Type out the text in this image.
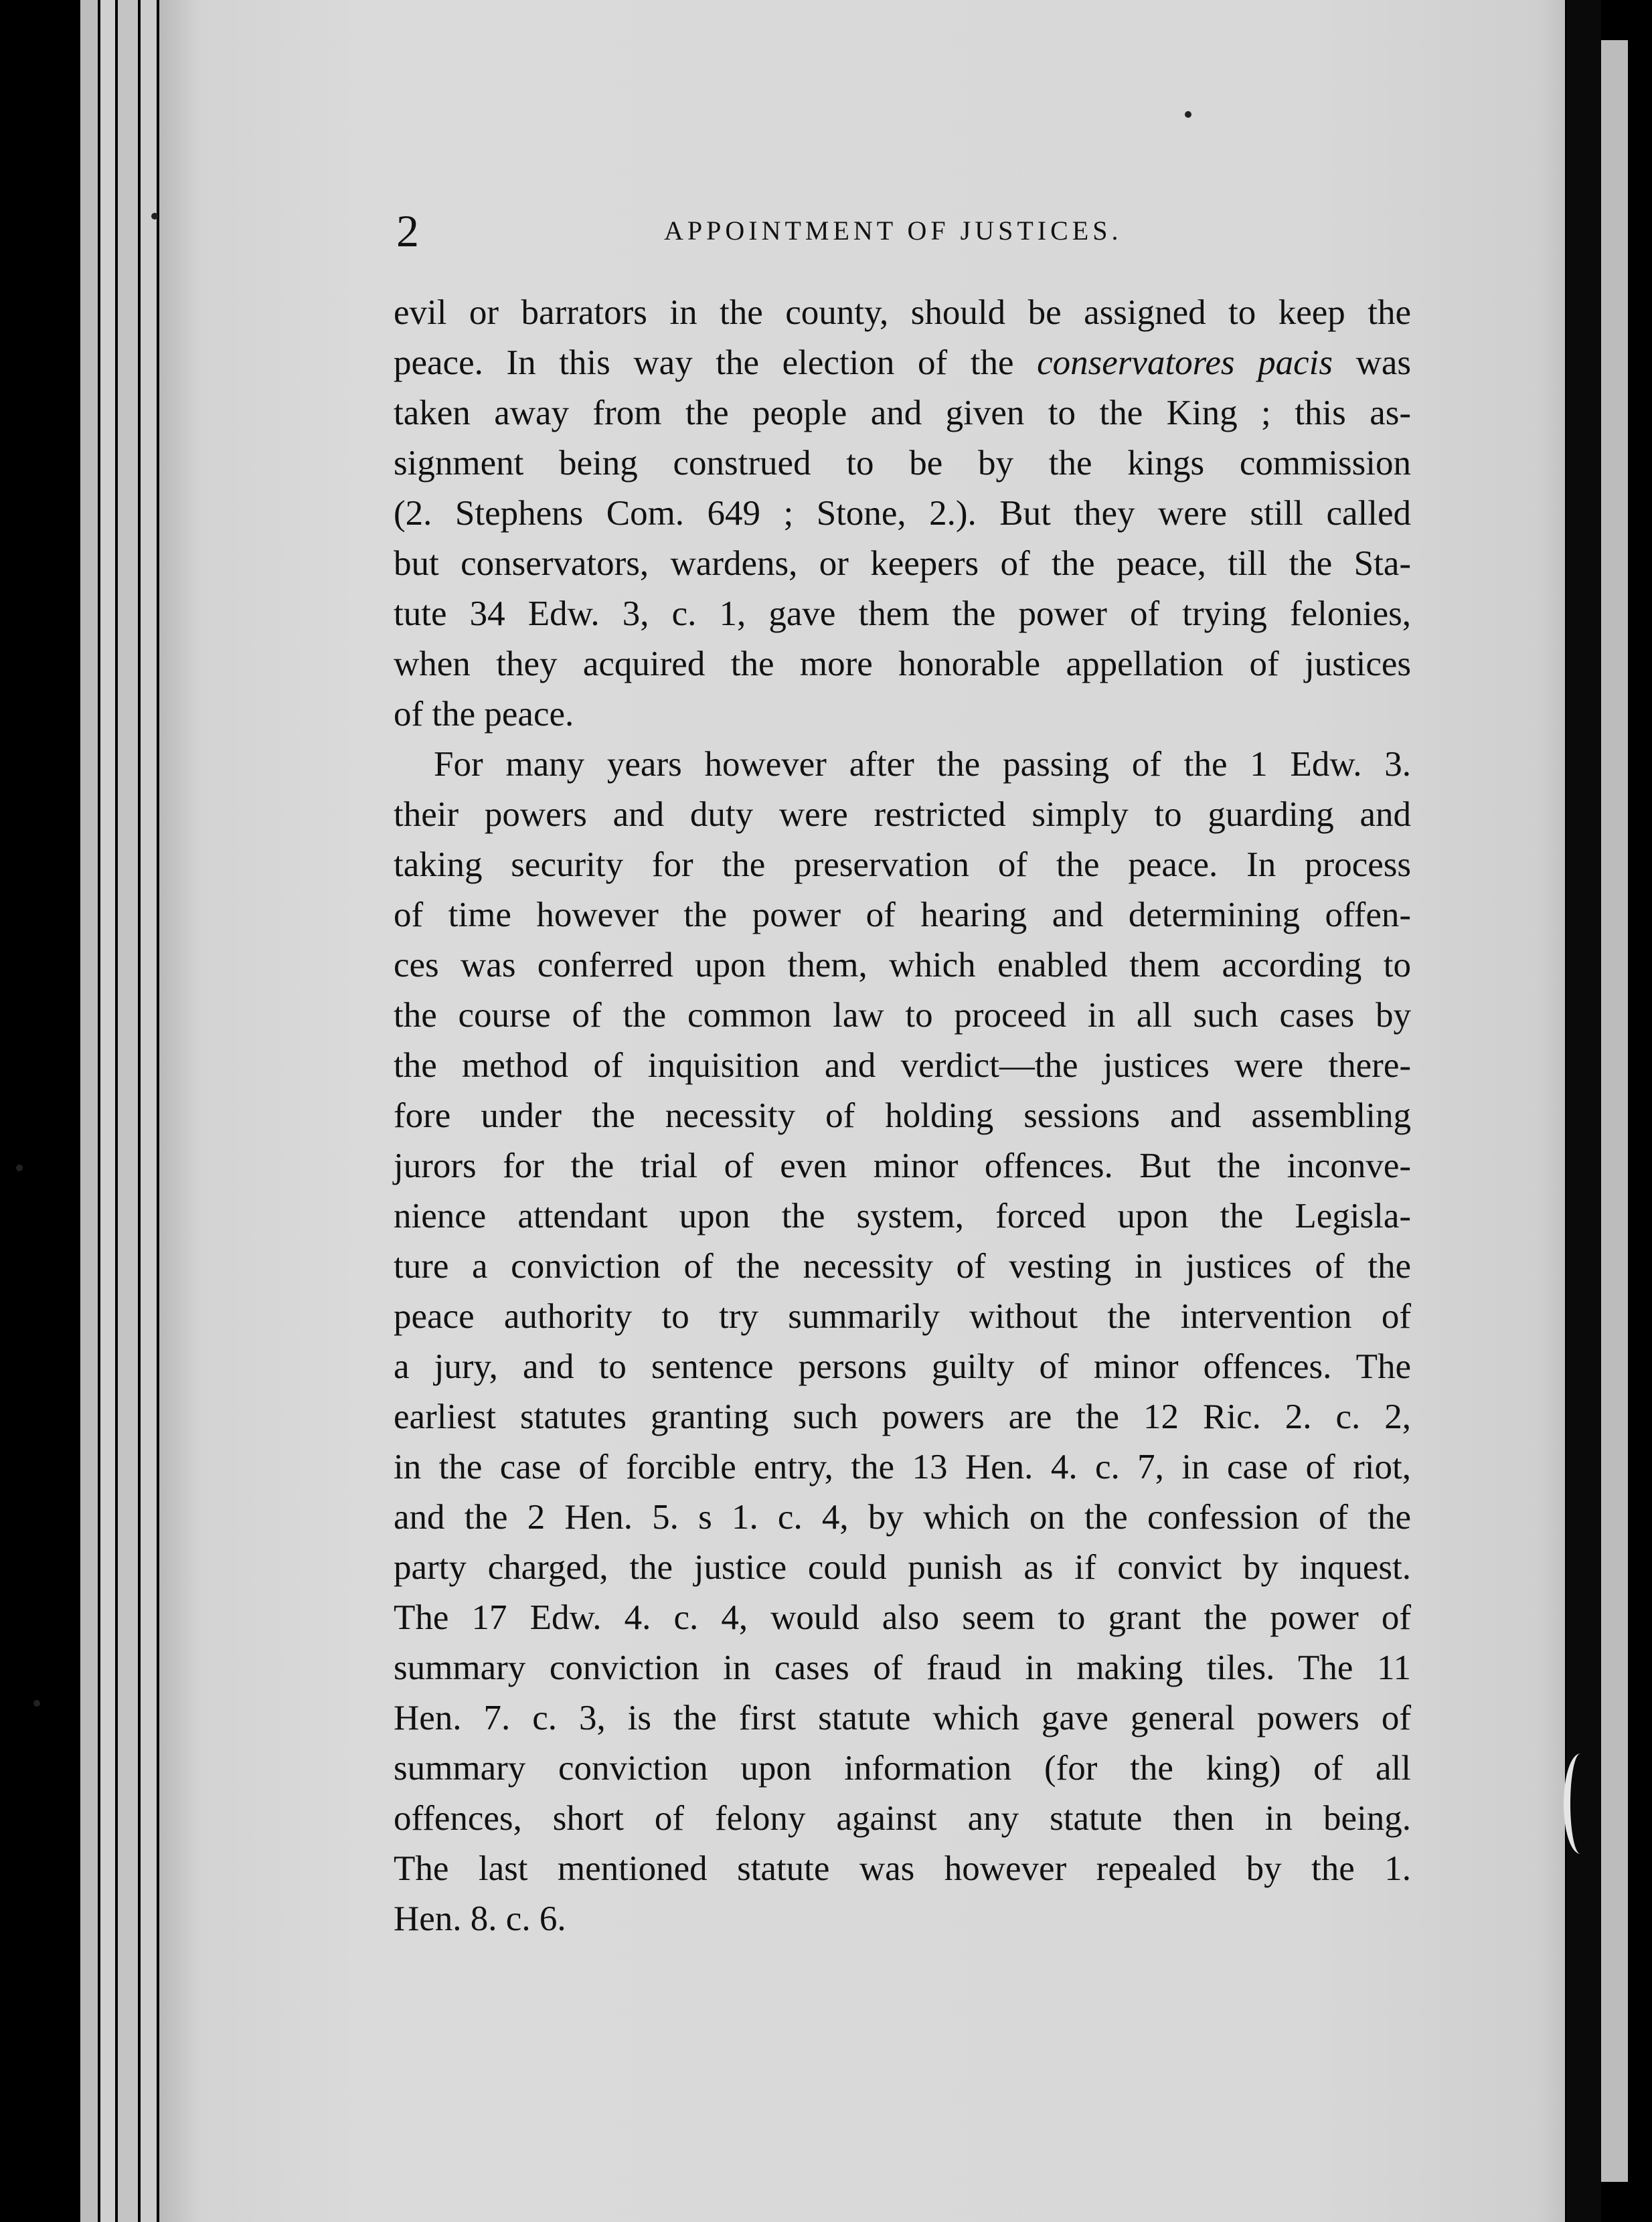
2	APPOINTMENT OF JUSTICES.
evil or barrators in the county, should be assigned to keep the
peace. In this way the election of the conservatores pacis was
taken away from the people and given to the King ; this as-
signment being construed to be by the kings commission
(2. Stephens Com. 649 ; Stone, 2.). But they were still called
but conservators, wardens, or keepers of the peace, till the Sta-
tute 34 Edw. 3, c. 1, gave them the power of trying felonies,
when they acquired the more honorable appellation of justices
of the peace.
For many years however after the passing of the 1 Edw. 3.
their powers and duty were restricted simply to guarding and
taking security for the preservation of the peace. In process
of time however the power of hearing and determining offen-
ces was conferred upon them, which enabled them according to
the course of the common law to proceed in all such cases by
the method of inquisition and verdict—the justices were there-
fore under the necessity of holding sessions and assembling
jurors for the trial of even minor offences. But the inconve-
nience attendant upon the system, forced upon the Legisla-
ture a conviction of the necessity of vesting in justices of the
peace authority to try summarily without the intervention of
a jury, and to sentence persons guilty of minor offences. The
earliest statutes granting such powers are the 12 Ric. 2. c. 2,
in the case of forcible entry, the 13 Hen. 4. c. 7, in case of riot,
and the 2 Hen. 5. s 1. c. 4, by which on the confession of the
party charged, the justice could punish as if convict by inquest.
The 17 Edw. 4. c. 4, would also seem to grant the power of
summary conviction in cases of fraud in making tiles. The 11
Hen. 7. c. 3, is the first statute which gave general powers of
summary conviction upon information (for the king) of all
offences, short of felony against any statute then in being.
The last mentioned statute was however repealed by the 1.
Hen. 8. c. 6.
